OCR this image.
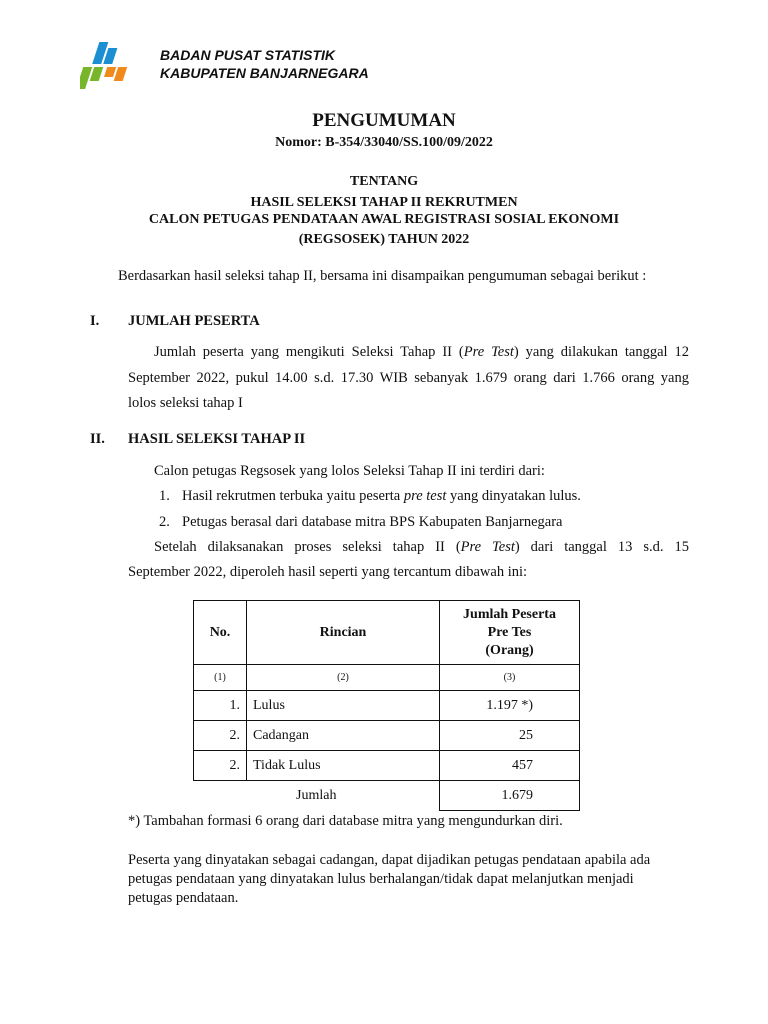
BADAN PUSAT STATISTIK
KABUPATEN BANJARNEGARA
PENGUMUMAN
Nomor: B-354/33040/SS.100/09/2022
TENTANG
HASIL SELEKSI TAHAP II REKRUTMEN
CALON PETUGAS PENDATAAN AWAL REGISTRASI SOSIAL EKONOMI
(REGSOSEK) TAHUN 2022
Berdasarkan hasil seleksi tahap II, bersama ini disampaikan pengumuman sebagai berikut :
I. JUMLAH PESERTA
Jumlah peserta yang mengikuti Seleksi Tahap II (Pre Test) yang dilakukan tanggal 12
September 2022, pukul 14.00 s.d. 17.30 WIB sebanyak 1.679 orang dari 1.766 orang yang
lolos seleksi tahap I
II. HASIL SELEKSI TAHAP II
Calon petugas Regsosek yang lolos Seleksi Tahap II ini terdiri dari:
1. Hasil rekrutmen terbuka yaitu peserta pre test yang dinyatakan lulus.
2. Petugas berasal dari database mitra BPS Kabupaten Banjarnegara
Setelah dilaksanakan proses seleksi tahap II (Pre Test) dari tanggal 13 s.d. 15
September 2022, diperoleh hasil seperti yang tercantum dibawah ini:
No.	Rincian	Jumlah Peserta
Pre Tes
(Orang)

(1)	(2)	(3)
1.	Lulus	1.197 *)
2.	Cadangan	25
2.	Tidak Lulus	457
Jumlah		1.679
*) Tambahan formasi 6 orang dari database mitra yang mengundurkan diri.
Peserta yang dinyatakan sebagai cadangan, dapat dijadikan petugas pendataan apabila ada
petugas pendataan yang dinyatakan lulus berhalangan/tidak dapat melanjutkan menjadi
petugas pendataan.
